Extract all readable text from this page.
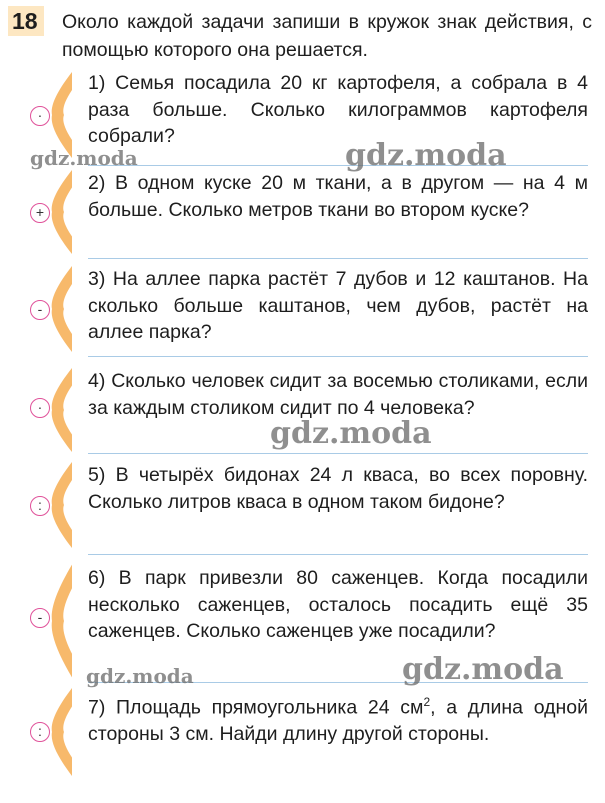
18	Около каждой задачи запиши в кружок знак действия, с помощью которого она решается.
·
1) Семья посадила 20 кг картофеля, а собрала в 4 раза больше. Сколько килограммов картофеля собрали?
+
2) В одном куске 20 м ткани, а в другом — на 4 м больше. Сколько метров ткани во втором куске?
-
3) На аллее парка растёт 7 дубов и 12 каштанов. На сколько больше каштанов, чем дубов, растёт на аллее парка?
·
4) Сколько человек сидит за восемью столиками, если за каждым столиком сидит по 4 человека?
:
5) В четырёх бидонах 24 л кваса, во всех поровну. Сколько литров кваса в одном таком бидоне?
-
6) В парк привезли 80 саженцев. Когда посадили несколько саженцев, осталось посадить ещё 35 саженцев. Сколько саженцев уже посадили?
:
7) Площадь прямоугольника 24 $см^2$, а длина одной стороны 3 см. Найди длину другой стороны.
gdz.moda	gdz.moda
gdz.moda
gdz.moda	gdz.moda
